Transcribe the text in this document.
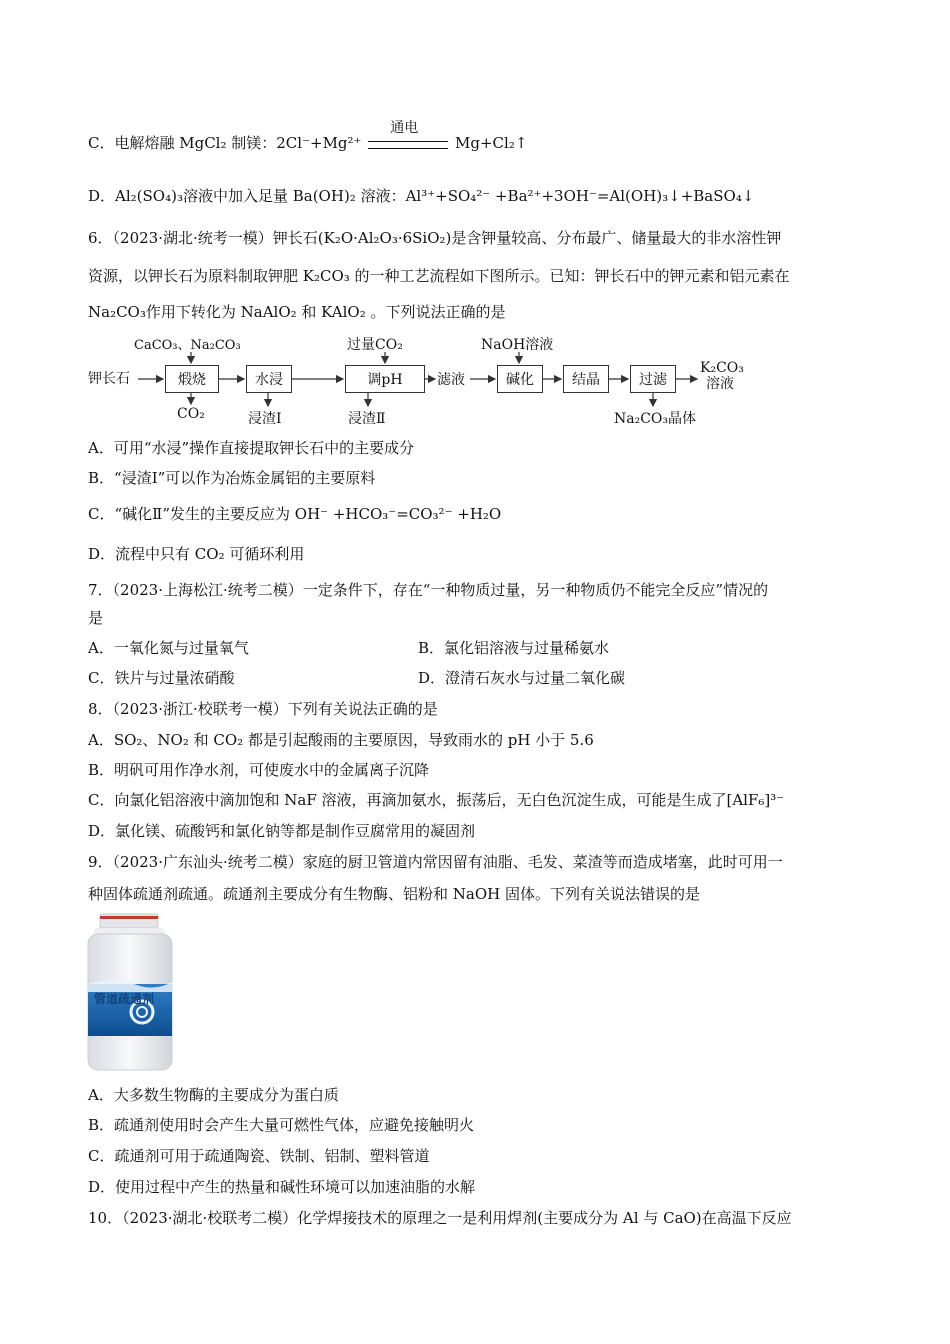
C．电解熔融 MgCl₂ 制镁：2Cl⁻+Mg²⁺
通电
Mg+Cl₂↑
D．Al₂(SO₄)₃溶液中加入足量 Ba(OH)₂ 溶液：Al³⁺+SO₄²⁻ +Ba²⁺+3OH⁻=Al(OH)₃↓+BaSO₄↓
6．（2023·湖北·统考一模）钾长石(K₂O·Al₂O₃·6SiO₂)是含钾量较高、分布最广、储量最大的非水溶性钾
资源，以钾长石为原料制取钾肥 K₂CO₃ 的一种工艺流程如下图所示。已知：钾长石中的钾元素和铝元素在
Na₂CO₃作用下转化为 NaAlO₂ 和 KAlO₂ 。下列说法正确的是
钾长石
CaCO₃、Na₂CO₃	过量CO₂	NaOH溶液
煅烧	水浸	调pH	滤液	碱化	结晶	过滤
K₂CO₃
溶液
CO₂	浸渣Ⅰ	浸渣Ⅱ	Na₂CO₃晶体
A．可用“水浸”操作直接提取钾长石中的主要成分
B．“浸渣Ⅰ”可以作为冶炼金属铝的主要原料
C．“碱化Ⅱ”发生的主要反应为 OH⁻ +HCO₃⁻=CO₃²⁻ +H₂O
D．流程中只有 CO₂ 可循环利用
7．（2023·上海松江·统考二模）一定条件下，存在“一种物质过量，另一种物质仍不能完全反应”情况的
是
A．一氧化氮与过量氧气	B．氯化铝溶液与过量稀氨水
C．铁片与过量浓硝酸	D．澄清石灰水与过量二氧化碳
8．（2023·浙江·校联考一模）下列有关说法正确的是
A．SO₂、NO₂ 和 CO₂ 都是引起酸雨的主要原因，导致雨水的 pH 小于 5.6
B．明矾可用作净水剂，可使废水中的金属离子沉降
C．向氯化铝溶液中滴加饱和 NaF 溶液，再滴加氨水，振荡后，无白色沉淀生成，可能是生成了[AlF₆]³⁻
D．氯化镁、硫酸钙和氯化钠等都是制作豆腐常用的凝固剂
9．（2023·广东汕头·统考二模）家庭的厨卫管道内常因留有油脂、毛发、菜渣等而造成堵塞，此时可用一
种固体疏通剂疏通。疏通剂主要成分有生物酶、铝粉和 NaOH 固体。下列有关说法错误的是
管道疏通剂
A．大多数生物酶的主要成分为蛋白质
B．疏通剂使用时会产生大量可燃性气体，应避免接触明火
C．疏通剂可用于疏通陶瓷、铁制、铝制、塑料管道
D．使用过程中产生的热量和碱性环境可以加速油脂的水解
10．（2023·湖北·校联考二模）化学焊接技术的原理之一是利用焊剂(主要成分为 Al 与 CaO)在高温下反应
